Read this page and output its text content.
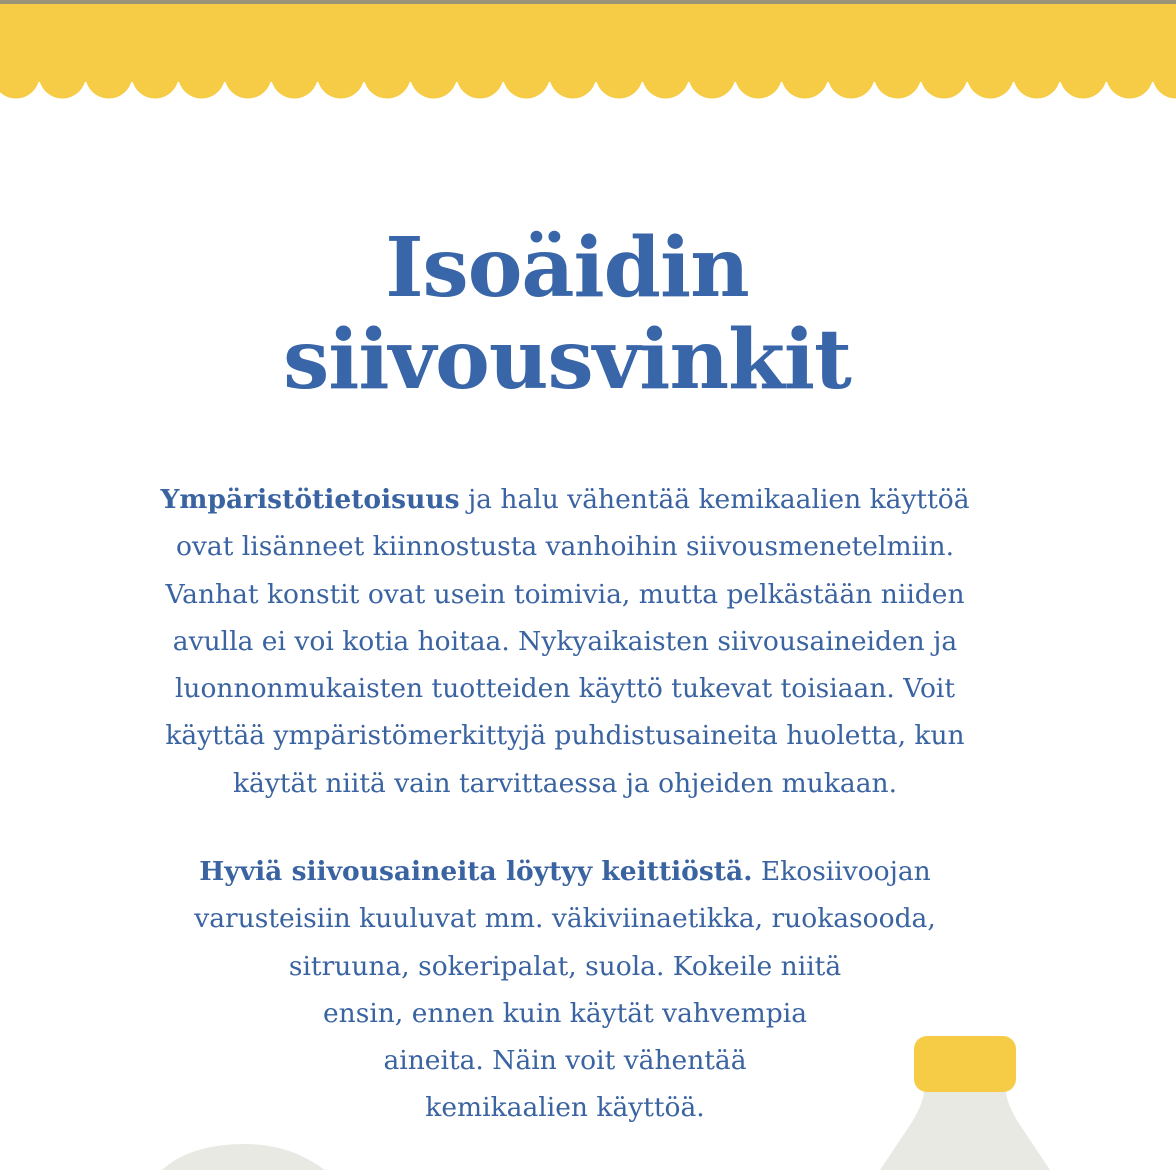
Isoäidin
siivousvinkit

Ympäristötietoisuus ja halu vähentää kemikaalien käyttöä
ovat lisänneet kiinnostusta vanhoihin siivousmenetelmiin.
Vanhat konstit ovat usein toimivia, mutta pelkästään niiden
avulla ei voi kotia hoitaa. Nykyaikaisten siivousaineiden ja
luonnonmukaisten tuotteiden käyttö tukevat toisiaan. Voit
käyttää ympäristömerkittyjä puhdistusaineita huoletta, kun
käytät niitä vain tarvittaessa ja ohjeiden mukaan.

Hyviä siivousaineita löytyy keittiöstä. Ekosiivoojan
varusteisiin kuuluvat mm. väkiviinaetikka, ruokasooda,
sitruuna, sokeripalat, suola. Kokeile niitä
ensin, ennen kuin käytät vahvempia
aineita. Näin voit vähentää
kemikaalien käyttöä.
